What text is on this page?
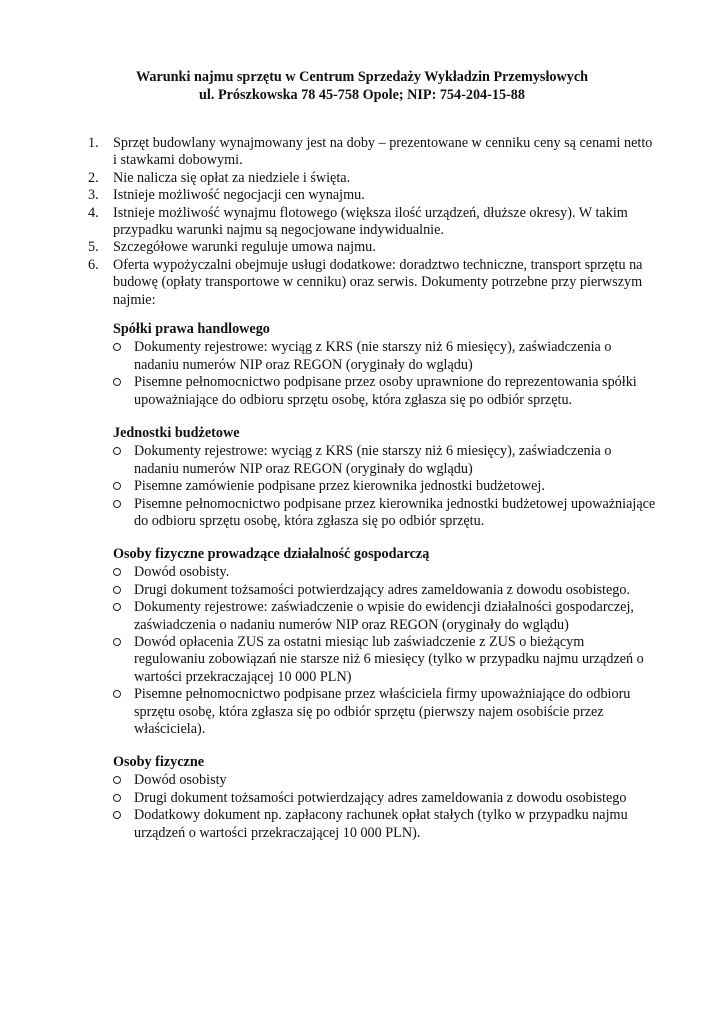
Warunki najmu sprzętu w Centrum Sprzedaży Wykładzin Przemysłowych
ul. Prószkowska 78 45-758 Opole; NIP: 754-204-15-88
1. Sprzęt budowlany wynajmowany jest na doby – prezentowane w cenniku ceny są cenami netto i stawkami dobowymi.
2. Nie nalicza się opłat za niedziele i święta.
3. Istnieje możliwość negocjacji cen wynajmu.
4. Istnieje możliwość wynajmu flotowego (większa ilość urządzeń, dłuższe okresy). W takim przypadku warunki najmu są negocjowane indywidualnie.
5. Szczegółowe warunki reguluje umowa najmu.
6. Oferta wypożyczalni obejmuje usługi dodatkowe: doradztwo techniczne, transport sprzętu na budowę (opłaty transportowe w cenniku) oraz serwis. Dokumenty potrzebne przy pierwszym najmie:
Spółki prawa handlowego
Dokumenty rejestrowe: wyciąg z KRS (nie starszy niż 6 miesięcy), zaświadczenia o nadaniu numerów NIP oraz REGON (oryginały do wglądu)
Pisemne pełnomocnictwo podpisane przez osoby uprawnione do reprezentowania spółki upoważniające do odbioru sprzętu osobę, która zgłasza się po odbiór sprzętu.
Jednostki budżetowe
Dokumenty rejestrowe: wyciąg z KRS (nie starszy niż 6 miesięcy), zaświadczenia o nadaniu numerów NIP oraz REGON (oryginały do wglądu)
Pisemne zamówienie podpisane przez kierownika jednostki budżetowej.
Pisemne pełnomocnictwo podpisane przez kierownika jednostki budżetowej upoważniające do odbioru sprzętu osobę, która zgłasza się po odbiór sprzętu.
Osoby fizyczne prowadzące działalność gospodarczą
Dowód osobisty.
Drugi dokument tożsamości potwierdzający adres zameldowania z dowodu osobistego.
Dokumenty rejestrowe: zaświadczenie o wpisie do ewidencji działalności gospodarczej, zaświadczenia o nadaniu numerów NIP oraz REGON (oryginały do wglądu)
Dowód opłacenia ZUS za ostatni miesiąc lub zaświadczenie z ZUS o bieżącym regulowaniu zobowiązań nie starsze niż 6 miesięcy (tylko w przypadku najmu urządzeń o wartości przekraczającej 10 000 PLN)
Pisemne pełnomocnictwo podpisane przez właściciela firmy upoważniające do odbioru sprzętu osobę, która zgłasza się po odbiór sprzętu (pierwszy najem osobiście przez właściciela).
Osoby fizyczne
Dowód osobisty
Drugi dokument tożsamości potwierdzający adres zameldowania z dowodu osobistego
Dodatkowy dokument np. zapłacony rachunek opłat stałych (tylko w przypadku najmu urządzeń o wartości przekraczającej 10 000 PLN).
